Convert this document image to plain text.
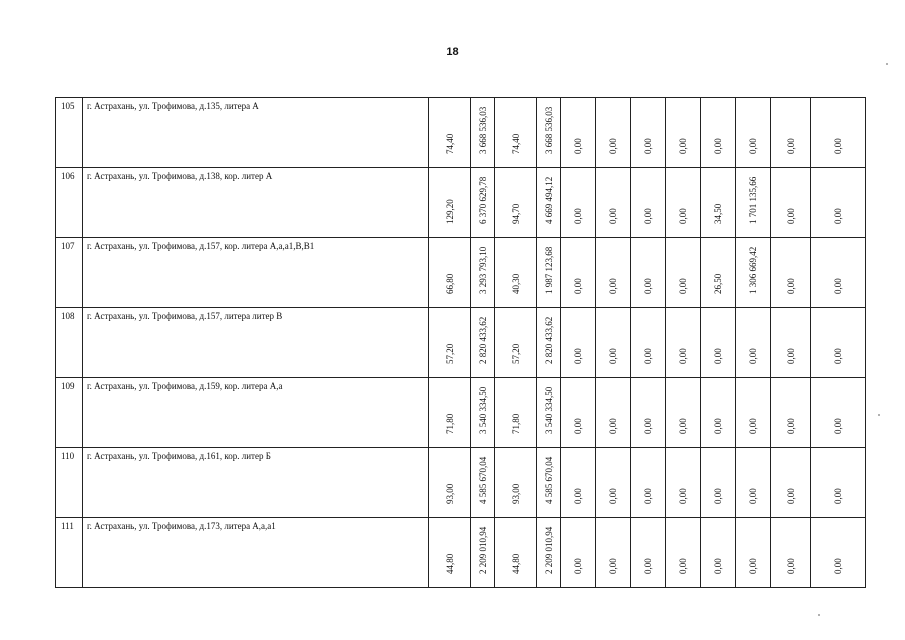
18
105	г. Астрахань, ул. Трофимова, д.135, литера А	74,40	3 668 536,03	74,40	3 668 536,03	0,00	0,00	0,00	0,00	0,00	0,00	0,00	0,00

106	г. Астрахань, ул. Трофимова, д.138, кор. литер А	129,20	6 370 629,78	94,70	4 669 494,12	0,00	0,00	0,00	0,00	34,50	1 701 135,66	0,00	0,00

107	г. Астрахань, ул. Трофимова, д.157, кор. литера А,а,а1,В,В1	66,80	3 293 793,10	40,30	1 987 123,68	0,00	0,00	0,00	0,00	26,50	1 306 669,42	0,00	0,00

108	г. Астрахань, ул. Трофимова, д.157, литера литер В	57,20	2 820 433,62	57,20	2 820 433,62	0,00	0,00	0,00	0,00	0,00	0,00	0,00	0,00

109	г. Астрахань, ул. Трофимова, д.159, кор. литера А,а	71,80	3 540 334,50	71,80	3 540 334,50	0,00	0,00	0,00	0,00	0,00	0,00	0,00	0,00

110	г. Астрахань, ул. Трофимова, д.161, кор. литер Б	93,00	4 585 670,04	93,00	4 585 670,04	0,00	0,00	0,00	0,00	0,00	0,00	0,00	0,00

111	г. Астрахань, ул. Трофимова, д.173, литера А,а,а1	44,80	2 209 010,94	44,80	2 209 010,94	0,00	0,00	0,00	0,00	0,00	0,00	0,00	0,00
